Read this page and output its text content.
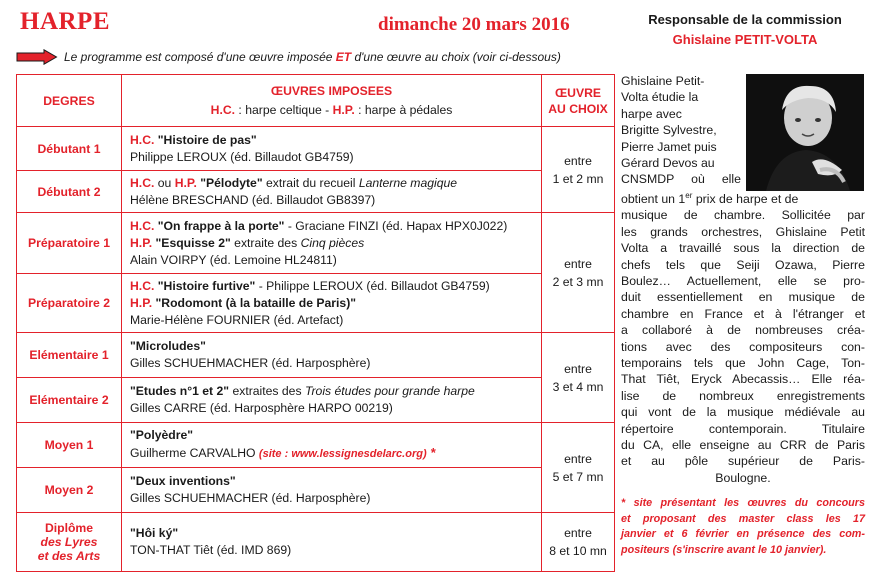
HARPE	dimanche 20 mars 2016
Le programme est composé d'une œuvre imposée ET d'une œuvre au choix (voir ci-dessous)
DEGRES	ŒUVRES IMPOSEES
H.C. : harpe celtique - H.P. : harpe à pédales	ŒUVRE
AU CHOIX
Débutant 1	H.C. "Histoire de pas"
Philippe LEROUX (éd. Billaudot GB4759)	entre
1 et 2 mn
Débutant 2	H.C. ou H.P. "Pélodyte" extrait du recueil Lanterne magique
Hélène BRESCHAND (éd. Billaudot GB8397)	
Préparatoire 1	H.C. "On frappe à la porte" - Graciane FINZI (éd. Hapax HPX0J022)
H.P. "Esquisse 2" extraite des Cinq pièces
Alain VOIRPY (éd. Lemoine HL24811)	entre
2 et 3 mn
Préparatoire 2	H.C. "Histoire furtive" - Philippe LEROUX (éd. Billaudot GB4759)
H.P. "Rodomont (à la bataille de Paris)"
Marie-Hélène FOURNIER (éd. Artefact)	
Elémentaire 1	"Microludes"
Gilles SCHUEHMACHER (éd. Harposphère)	entre
3 et 4 mn
Elémentaire 2	"Etudes n°1 et 2" extraites des Trois études pour grande harpe
Gilles CARRE (éd. Harposphère HARPO 00219)	
Moyen 1	"Polyèdre"
Guilherme CARVALHO (site : www.lessignesdelarc.org) *	entre
5 et 7 mn
Moyen 2	"Deux inventions"
Gilles SCHUEHMACHER (éd. Harposphère)	

Diplôme
des Lyres
et des Arts	"Hôi ký"
TON-THAT Tiêt (éd. IMD 869)	entre
8 et 10 mn
Responsable de la commission
Ghislaine PETIT-VOLTA
Ghislaine Petit-
Volta étudie la
harpe avec
Brigitte Sylvestre,
Pierre Jamet puis
Gérard Devos au
CNSMDP où elle
obtient un 1er prix de harpe et de
musique de chambre. Sollicitée par
les grands orchestres, Ghislaine Petit
Volta a travaillé sous la direction de
chefs tels que Seiji Ozawa, Pierre
Boulez… Actuellement, elle se pro-
duit essentiellement en musique de
chambre en France et à l'étranger et
a collaboré à de nombreuses créa-
tions avec des compositeurs con-
temporains tels que John Cage, Ton-
That Tiêt, Eryck Abecassis… Elle réa-
lise de nombreux enregistrements
qui vont de la musique médiévale au
répertoire contemporain. Titulaire
du CA, elle enseigne au CRR de Paris
et au pôle supérieur de Paris-
Boulogne.
* site présentant les œuvres du concours
et proposant des master class les 17
janvier et 6 février en présence des com-
positeurs (s'inscrire avant le 10 janvier).
